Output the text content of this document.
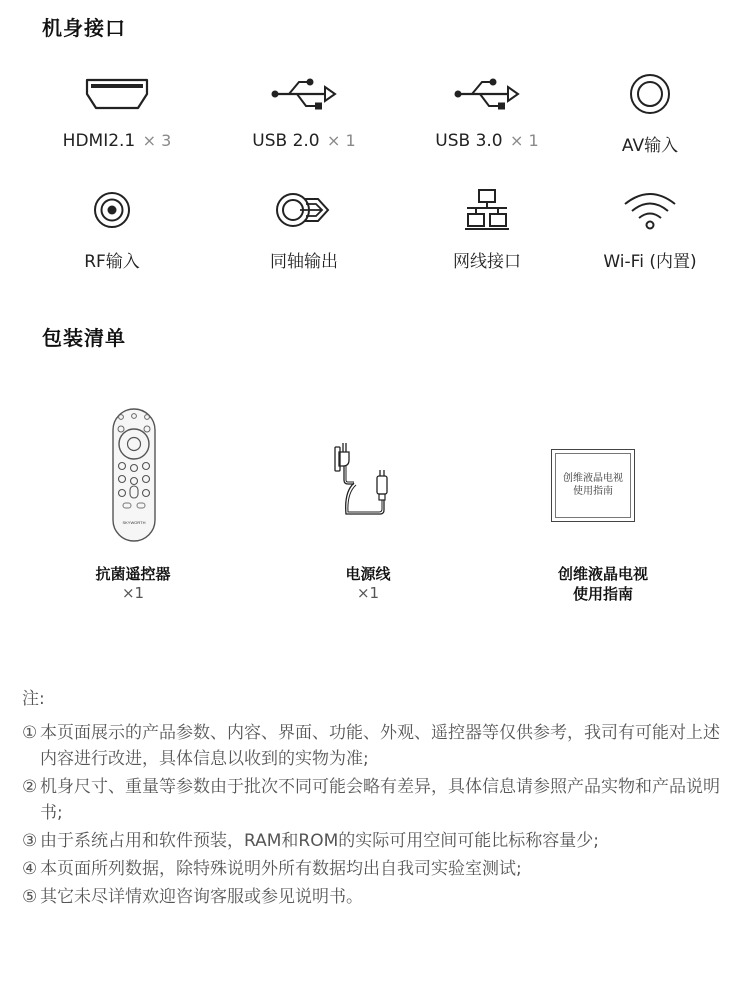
机身接口
HDMI2.1 × 3	USB 2.0 × 1	USB 3.0 × 1	AV输入
RF输入	同轴输出	网线接口	Wi-Fi (内置)
包装清单
SKYWORTH
抗菌遥控器
×1
电源线
×1
创维液晶电视
使用指南
创维液晶电视
使用指南
注:
① 本页面展示的产品参数、内容、界面、功能、外观、遥控器等仅供参考，我司有可能对上述内容进行改进，具体信息以收到的实物为准;
② 机身尺寸、重量等参数由于批次不同可能会略有差异，具体信息请参照产品实物和产品说明书;
③ 由于系统占用和软件预装，RAM和ROM的实际可用空间可能比标称容量少;
④ 本页面所列数据，除特殊说明外所有数据均出自我司实验室测试;
⑤ 其它未尽详情欢迎咨询客服或参见说明书。
